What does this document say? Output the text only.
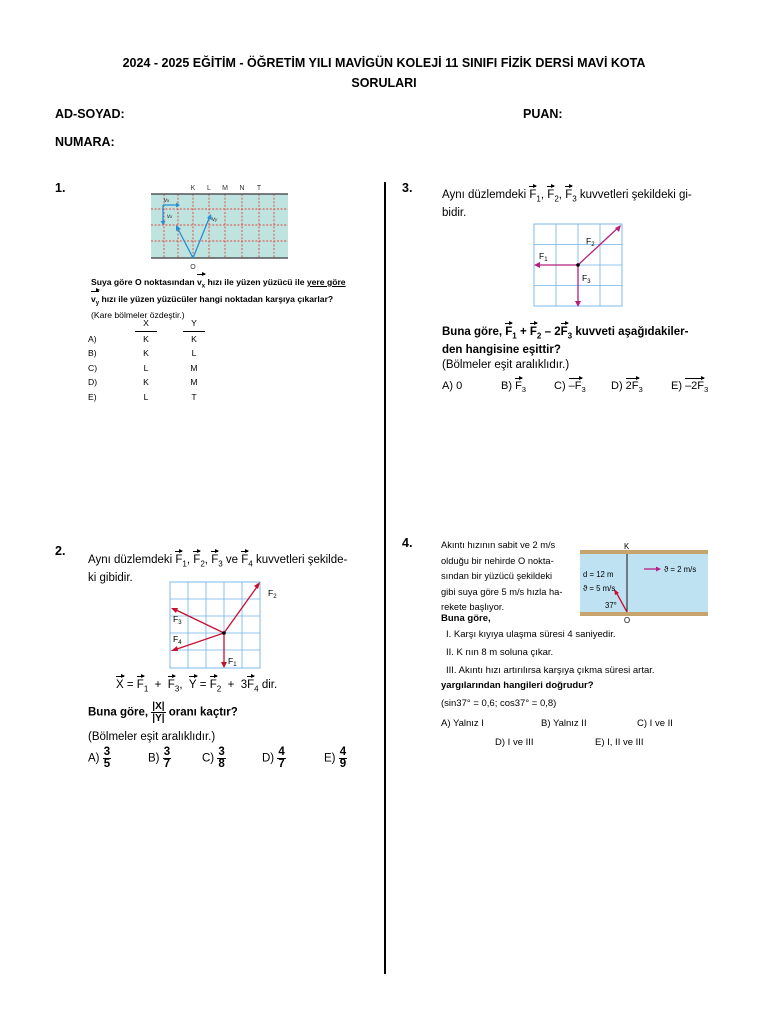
2024 - 2025 EĞİTİM - ÖĞRETİM YILI MAVİGÜN KOLEJİ 11 SINIFI FİZİK DERSİ MAVİ KOTA
SORULARI
AD-SOYAD:	PUAN:
NUMARA:
1.	K L M N T
O
vx
vx
vy
Suya göre O noktasından $v_x$ hızı ile yüzen yüzücü ile yere göre $v_y$ hızı ile yüzen yüzücüler hangi noktadan karşıya çıkarlar? (Kare bölmeler özdeştir.)
	X	Y
A)	K	K
B)	K	L
C)	L	M
D)	K	M
E)	L	T
2.
Aynı düzlemdeki $F_1$, $F_2$, $F_3$ ve $F_4$ kuvvetleri şekilde-
ki gibidir.
$F_2$
$F_1$
$F_3$
$F_4$
$X = F_1 + F_3$,  $Y = F_2 + 3F_4$ dir.
Buna göre, $\frac{|X|}{|Y|}$ oranı kaçtır?
(Bölmeler eşit aralıklıdır.)
$A) \frac{3}{5}$	$B) \frac{3}{7}$	$C) \frac{3}{8}$	$D) \frac{4}{7}$	$E) \frac{4}{9}$
3.	Aynı düzlemdeki $F_1$, $F_2$, $F_3$ kuvvetleri şekildeki gi-
bidir.
$F_2$
$F_1$
$F_3$
Buna göre, $F_1 + F_2 - 2F_3$ kuvveti aşağıdakiler-
den hangisine eşittir?
(Bölmeler eşit aralıklıdır.)
A) 0	B) $F_3$	C) $-F_3$ D) $2F_3$	E) $-2F_3$
4.	Akıntı hızının sabit ve 2 m/s
olduğu bir nehirde O nokta-
sından bir yüzücü şekildeki
gibi suya göre 5 m/s hızla ha-
rekete başlıyor.
K
O
d = 12 m
ϑ = 5 m/s
37°
ϑ = 2 m/s
Buna göre,
I. Karşı kıyıya ulaşma süresi 4 saniyedir.
II. K nın 8 m soluna çıkar.
III. Akıntı hızı artırılırsa karşıya çıkma süresi artar.
yargılarından hangileri doğrudur?
(sin37° = 0,6; cos37° = 0,8)
A) Yalnız I	B) Yalnız II	C) I ve II
D) I ve III	E) I, II ve III
